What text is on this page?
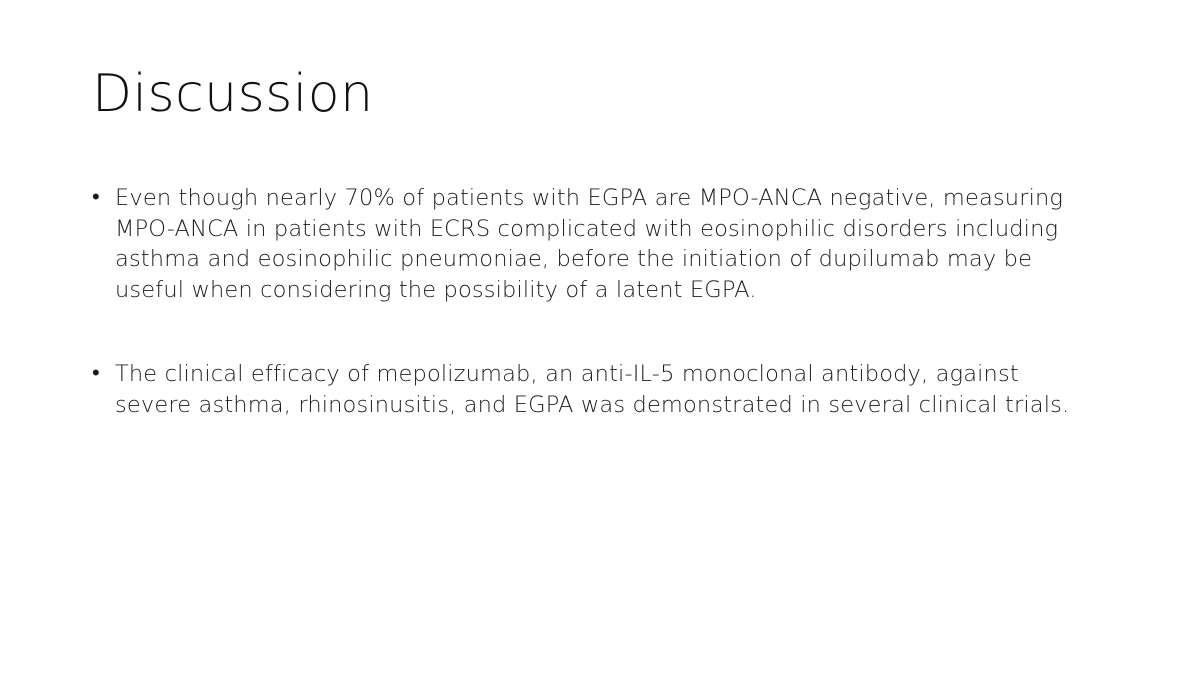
Discussion
• Even though nearly 70% of patients with EGPA are MPO-ANCA negative, measuring MPO-ANCA in patients with ECRS complicated with eosinophilic disorders including asthma and eosinophilic pneumoniae, before the initiation of dupilumab may be useful when considering the possibility of a latent EGPA.
• The clinical efficacy of mepolizumab, an anti-IL-5 monoclonal antibody, against severe asthma, rhinosinusitis, and EGPA was demonstrated in several clinical trials.
